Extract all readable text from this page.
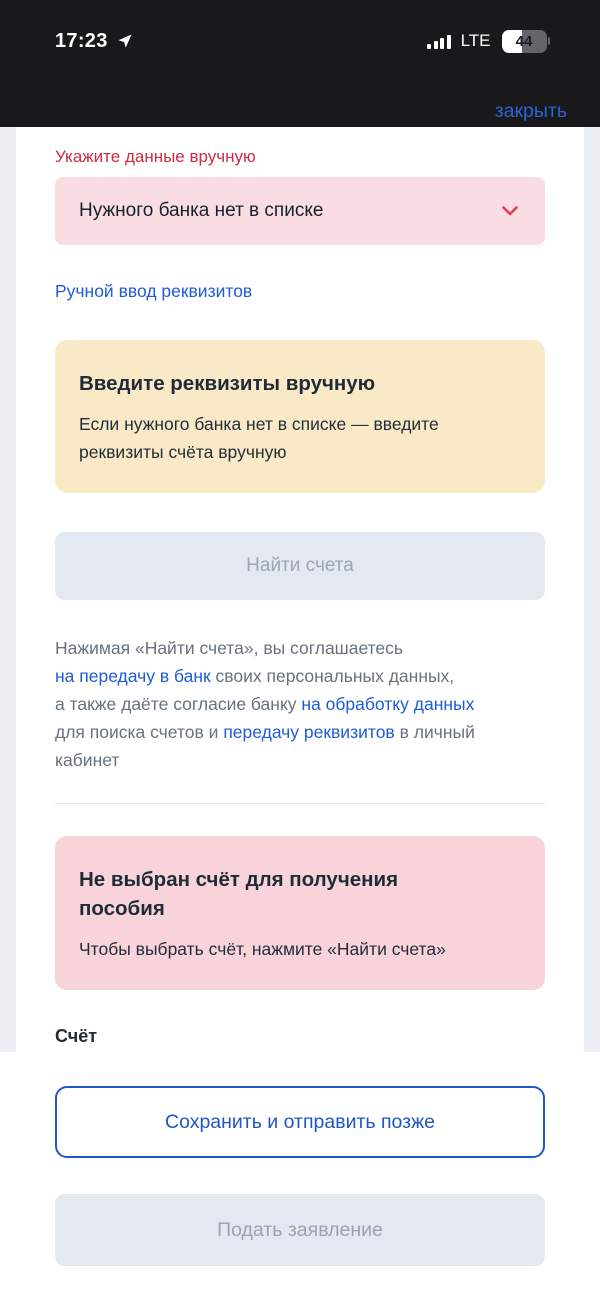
17:23	LTE 44
закрыть
Укажите данные вручную
Нужного банка нет в списке
Ручной ввод реквизитов
Введите реквизиты вручную
Если нужного банка нет в списке — введите реквизиты счёта вручную
Найти счета
Нажимая «Найти счета», вы соглашаетесь
на передачу в банк своих персональных данных,
а также даёте согласие банку на обработку данных
для поиска счетов и передачу реквизитов в личный
кабинет
Не выбран счёт для получения пособия
Чтобы выбрать счёт, нажмите «Найти счета»
Счёт
Сохранить и отправить позже
Подать заявление
